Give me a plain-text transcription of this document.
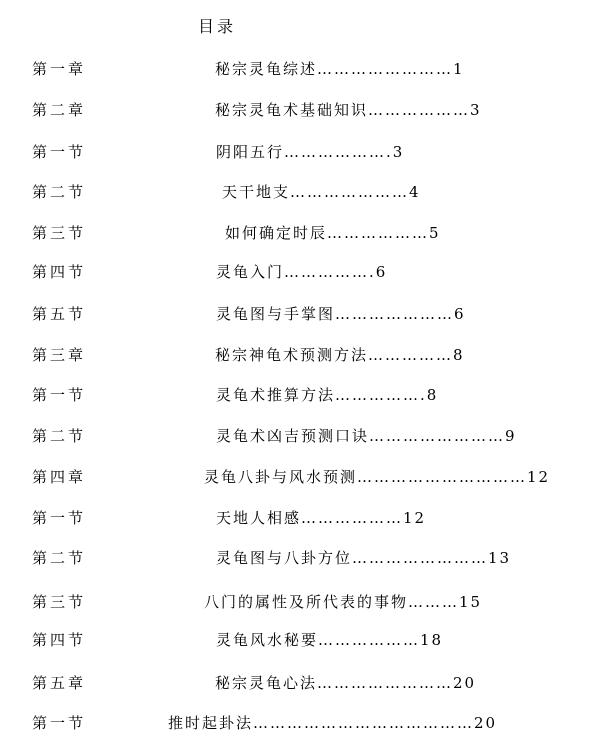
目录
第一章	秘宗灵龟综述……………………1
第二章	秘宗灵龟术基础知识………………3
第一节	阴阳五行……………….3
第二节	天干地支…………………4
第三节	如何确定时辰………………5
第四节	灵龟入门…………….6
第五节	灵龟图与手掌图…………………6
第三章	秘宗神龟术预测方法……………8
第一节	灵龟术推算方法…………….8
第二节	灵龟术凶吉预测口诀……………………9
第四章	灵龟八卦与风水预测…………………………12
第一节	天地人相感………………12
第二节	灵龟图与八卦方位……………………13
第三节	八门的属性及所代表的事物………15
第四节	灵龟风水秘要………………18
第五章	秘宗灵龟心法……………………20
第一节	推时起卦法…………………………………20
